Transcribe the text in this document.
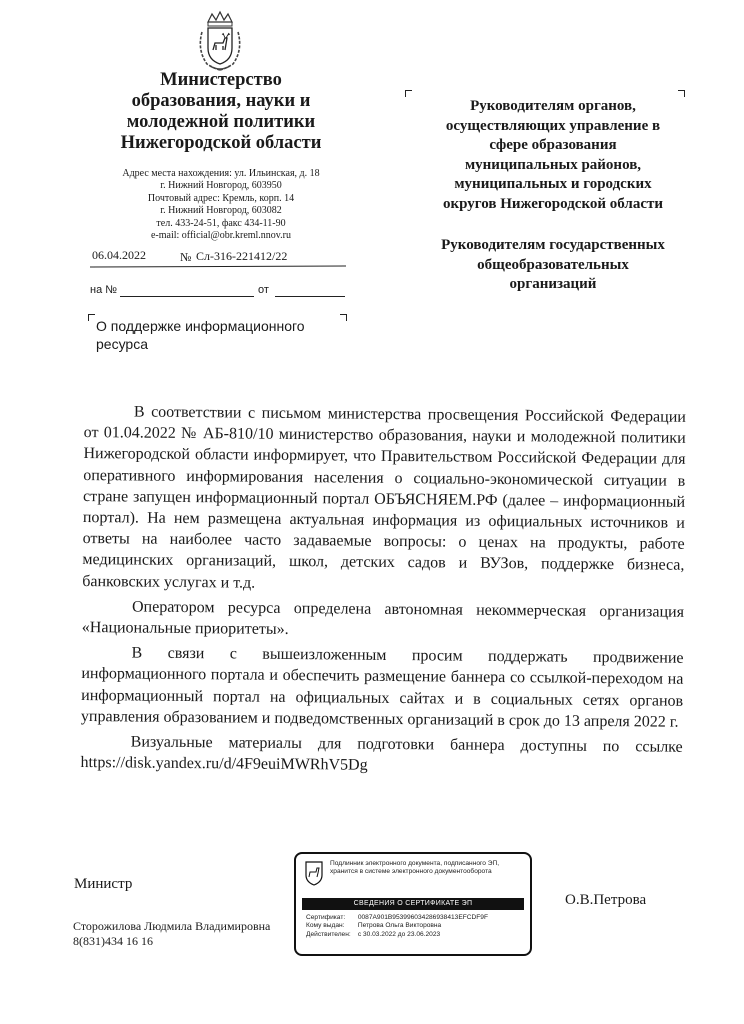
Министерство
образования, науки и
молодежной политики
Нижегородской области
Адрес места нахождения: ул. Ильинская, д. 18
г. Нижний Новгород, 603950
Почтовый адрес: Кремль, корп. 14
г. Нижний Новгород, 603082
тел. 433-24-51, факс 434-11-90
e-mail: official@obr.kreml.nnov.ru
06.04.2022	№ Сл-316-221412/22
на №	от
О поддержке информационного ресурса

Руководителям органов,
осуществляющих управление в
сфере образования
муниципальных районов,
муниципальных и городских
округов Нижегородской области

Руководителям государственных
общеобразовательных
организаций

В соответствии с письмом министерства просвещения Российской Федерации от 01.04.2022 № АБ-810/10 министерство образования, науки и молодежной политики Нижегородской области информирует, что Правительством Российской Федерации для оперативного информирования населения о социально-экономической ситуации в стране запущен информационный портал ОБЪЯСНЯЕМ.РФ (далее – информационный портал). На нем размещена актуальная информация из официальных источников и ответы на наиболее часто задаваемые вопросы: о ценах на продукты, работе медицинских организаций, школ, детских садов и ВУЗов, поддержке бизнеса, банковских услугах и т.д.

Оператором ресурса определена автономная некоммерческая организация «Национальные приоритеты».

В связи с вышеизложенным просим поддержать продвижение информационного портала и обеспечить размещение баннера со ссылкой-переходом на информационный портал на официальных сайтах и в социальных сетях органов управления образованием и подведомственных организаций в срок до 13 апреля 2022 г.

Визуальные материалы для подготовки баннера доступны по ссылке https://disk.yandex.ru/d/4F9euiMWRhV5Dg

Министр
О.В.Петрова
Сторожилова Людмила Владимировна
8(831)434 16 16
Подлинник электронного документа, подписанного ЭП, хранится в системе электронного документооборота
СВЕДЕНИЯ О СЕРТИФИКАТЕ ЭП
Сертификат: 0087A901B953996034286938413EFCDF9F
Кому выдан: Петрова Ольга Викторовна
Действителен: с 30.03.2022 до 23.06.2023
